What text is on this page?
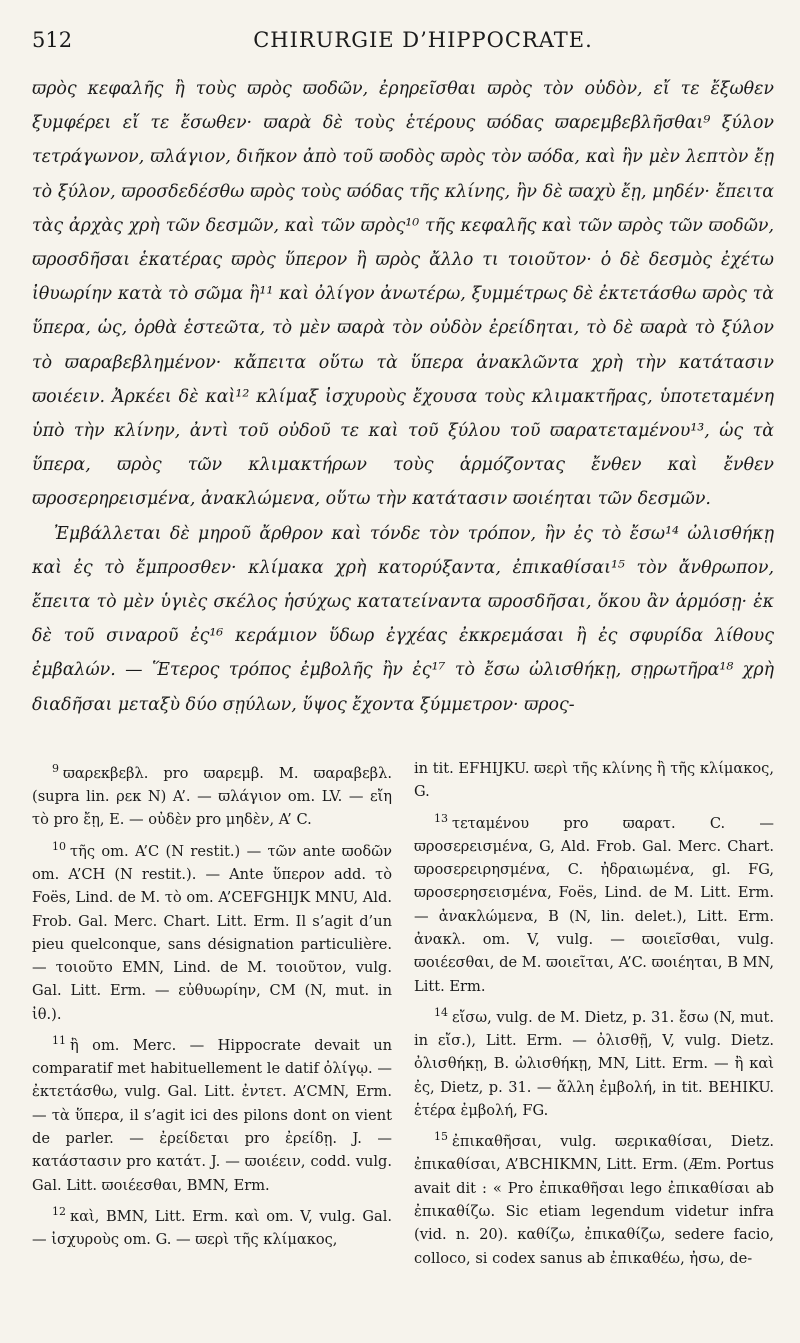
512	CHIRURGIE D’HIPPOCRATE.

ϖρὸς κεφαλῆς ἢ τοὺς ϖρὸς ϖοδῶν, ἐρηρεῖσθαι ϖρὸς τὸν οὐδὸν, εἴ τε ἔξωθεν ξυμφέρει εἴ τε ἔσωθεν· ϖαρὰ δὲ τοὺς ἑτέρους ϖόδας ϖαρεμβεβλῆσθαι⁹ ξύλον τετράγωνον, ϖλάγιον, διῆκον ἀπὸ τοῦ ϖοδὸς ϖρὸς τὸν ϖόδα, καὶ ἢν μὲν λεπτὸν ἔῃ τὸ ξύλον, ϖροσδεδέσθω ϖρὸς τοὺς ϖόδας τῆς κλίνης, ἢν δὲ ϖαχὺ ἔῃ, μηδέν· ἔπειτα τὰς ἀρχὰς χρὴ τῶν δεσμῶν, καὶ τῶν ϖρὸς¹⁰ τῆς κεφαλῆς καὶ τῶν ϖρὸς τῶν ϖοδῶν, ϖροσδῆσαι ἑκατέρας ϖρὸς ὕπερον ἢ ϖρὸς ἄλλο τι τοιοῦτον· ὁ δὲ δεσμὸς ἐχέτω ἰθυωρίην κατὰ τὸ σῶμα ἢ¹¹ καὶ ὀλίγον ἀνωτέρω, ξυμμέτρως δὲ ἐκτετάσθω ϖρὸς τὰ ὕπερα, ὡς, ὀρθὰ ἑστεῶτα, τὸ μὲν ϖαρὰ τὸν οὐδὸν ἐρείδηται, τὸ δὲ ϖαρὰ τὸ ξύλον τὸ ϖαραβεβλημένον· κἄπειτα οὕτω τὰ ὕπερα ἀνακλῶντα χρὴ τὴν κατάτασιν ϖοιέειν. Ἀρκέει δὲ καὶ¹² κλίμαξ ἰσχυροὺς ἔχουσα τοὺς κλιμακτῆρας, ὑποτεταμένη ὑπὸ τὴν κλίνην, ἀντὶ τοῦ οὐδοῦ τε καὶ τοῦ ξύλου τοῦ ϖαρατεταμένου¹³, ὡς τὰ ὕπερα, ϖρὸς τῶν κλιμακτήρων τοὺς ἁρμόζοντας ἔνθεν καὶ ἔνθεν ϖροσερηρεισμένα, ἀνακλώμενα, οὕτω τὴν κατάτασιν ϖοιέηται τῶν δεσμῶν.

Ἐμβάλλεται δὲ μηροῦ ἄρθρον καὶ τόνδε τὸν τρόπον, ἢν ἐς τὸ ἔσω¹⁴ ὠλισθήκῃ καὶ ἐς τὸ ἔμπροσθεν· κλίμακα χρὴ κατορύξαντα, ἐπικαθίσαι¹⁵ τὸν ἄνθρωπον, ἔπειτα τὸ μὲν ὑγιὲς σκέλος ἡσύχως κατατείναντα ϖροσδῆσαι, ὅκου ἂν ἁρμόσῃ· ἐκ δὲ τοῦ σιναροῦ ἐς¹⁶ κεράμιον ὕδωρ ἐγχέας ἐκκρεμάσαι ἢ ἐς σφυρίδα λίθους ἐμβαλών. — Ἕτερος τρόπος ἐμβολῆς ἢν ἐς¹⁷ τὸ ἔσω ὠλισθήκῃ, σῃρωτῆρα¹⁸ χρὴ διαδῆσαι μεταξὺ δύο σῃύλων, ὕψος ἔχοντα ξύμμετρον· ϖρος-

$^9$ ϖαρεκβεβλ. pro ϖαρεμβ. M. ϖαραβεβλ. (supra lin. ρεκ N) A’. — ϖλάγιον om. LV. — εἴη τὸ pro ἔῃ, E. — οὐδὲν pro μηδὲν, A’ C.

$^{10}$ τῆς om. A’C (N restit.) — τῶν ante ϖοδῶν om. A’CH (N restit.). — Ante ὕπερον add. τὸ Foës, Lind. de M. τὸ om. A’CEFGHIJK MNU, Ald. Frob. Gal. Merc. Chart. Litt. Erm. Il s’agit d’un pieu quelconque, sans désignation particulière. — τοιοῦτο EMN, Lind. de M. τοιοῦτον, vulg. Gal. Litt. Erm. — εὐθυωρίην, CM (N, mut. in ἰθ.).

$^{11}$ ἢ om. Merc. — Hippocrate devait un comparatif met habituellement le datif ὀλίγῳ. — ἐκτετάσθω, vulg. Gal. Litt. ἐντετ. A’CMN, Erm. — τὰ ὕπερα, il s’agit ici des pilons dont on vient de parler. — ἐρείδεται pro ἐρείδῃ. J. — κατάστασιν pro κατάτ. J. — ϖοιέειν, codd. vulg. Gal. Litt. ϖοιέεσθαι, BMN, Erm.

$^{12}$ καὶ, BMN, Litt. Erm. καὶ om. V, vulg. Gal. — ἰσχυροὺς om. G. — ϖερὶ τῆς κλίμακος,

in tit. EFHIJKU. ϖερὶ τῆς κλίνης ἢ τῆς κλίμακος, G.

$^{13}$ τεταμένου pro ϖαρατ. C. — ϖροσερεισμένα, G, Ald. Frob. Gal. Merc. Chart. ϖροσερειρησμένα, C. ἠδραιωμένα, gl. FG, ϖροσερησεισμένα, Foës, Lind. de M. Litt. Erm. — ἀνακλώμενα, B (N, lin. delet.), Litt. Erm. ἀνακλ. om. V, vulg. — ϖοιεῖσθαι, vulg. ϖοιέεσθαι, de M. ϖοιεῖται, A’C. ϖοιέηται, B MN, Litt. Erm.

$^{14}$ εἴσω, vulg. de M. Dietz, p. 31. ἔσω (N, mut. in εἴσ.), Litt. Erm. — ὀλισθῇ, V, vulg. Dietz. ὀλισθήκῃ, B. ὠλισθήκῃ, MN, Litt. Erm. — ἢ καὶ ἐς, Dietz, p. 31. — ἄλλη ἐμβολή, in tit. BEHIKU. ἑτέρα ἐμβολή, FG.

$^{15}$ ἐπικαθῆσαι, vulg. ϖερικαθίσαι, Dietz. ἐπικαθίσαι, A’BCHIKMN, Litt. Erm. (Æm. Portus avait dit : « Pro ἐπικαθῆσαι lego ἐπικαθίσαι ab ἐπικαθίζω. Sic etiam legendum videtur infra (vid. n. 20). καθίζω, ἐπικαθίζω, sedere facio, colloco, si codex sanus ab ἐπικαθέω, ἠσω, de-
